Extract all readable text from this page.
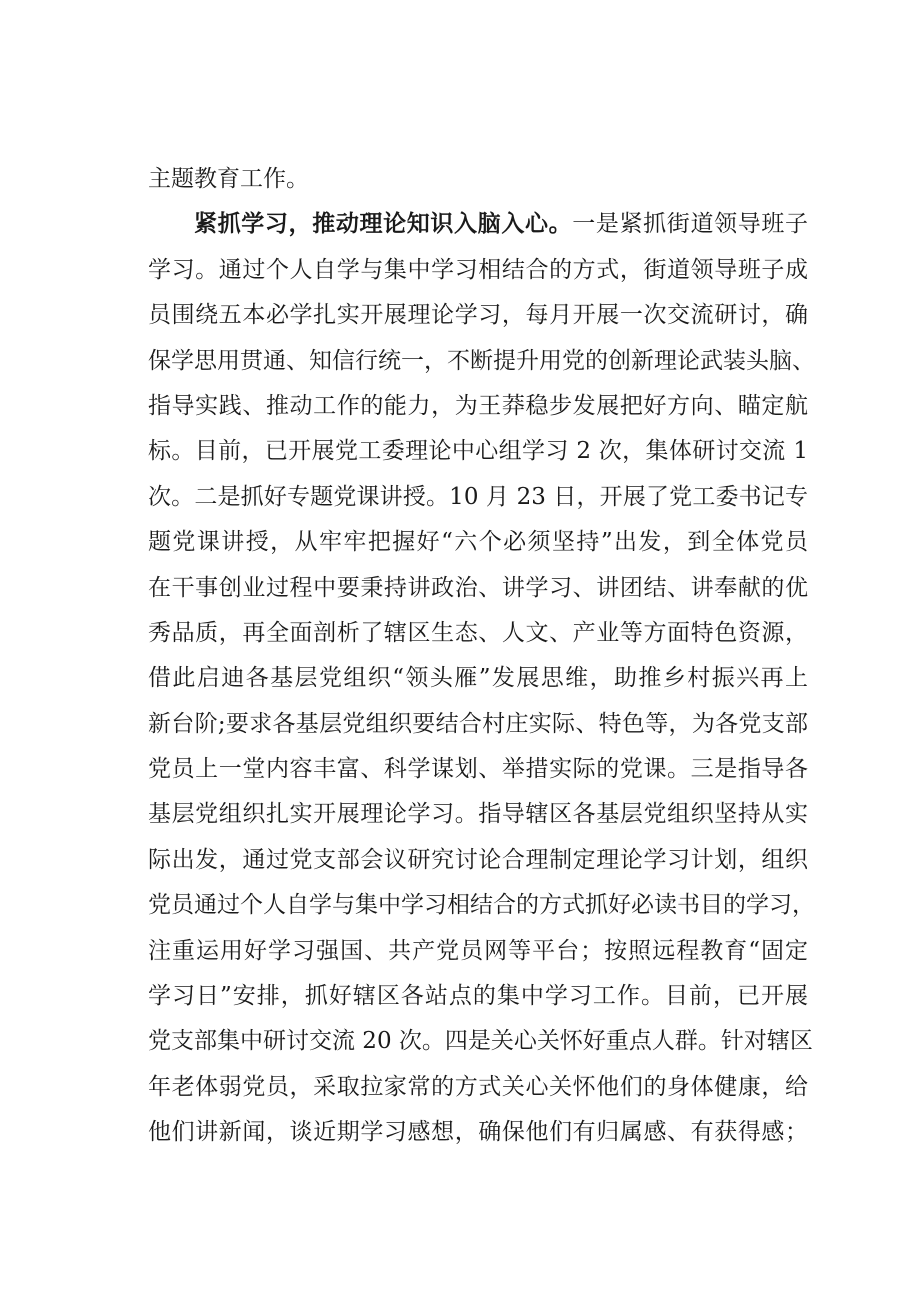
主题教育工作。
紧抓学习，推动理论知识入脑入心。一是紧抓街道领导班子
学习。通过个人自学与集中学习相结合的方式，街道领导班子成
员围绕五本必学扎实开展理论学习，每月开展一次交流研讨，确
保学思用贯通、知信行统一，不断提升用党的创新理论武装头脑、
指导实践、推动工作的能力，为王莽稳步发展把好方向、瞄定航
标。目前，已开展党工委理论中心组学习 2 次，集体研讨交流 1
次。二是抓好专题党课讲授。10 月 23 日，开展了党工委书记专
题党课讲授，从牢牢把握好“六个必须坚持”出发，到全体党员
在干事创业过程中要秉持讲政治、讲学习、讲团结、讲奉献的优
秀品质，再全面剖析了辖区生态、人文、产业等方面特色资源，
借此启迪各基层党组织“领头雁”发展思维，助推乡村振兴再上
新台阶;要求各基层党组织要结合村庄实际、特色等，为各党支部
党员上一堂内容丰富、科学谋划、举措实际的党课。三是指导各
基层党组织扎实开展理论学习。指导辖区各基层党组织坚持从实
际出发，通过党支部会议研究讨论合理制定理论学习计划，组织
党员通过个人自学与集中学习相结合的方式抓好必读书目的学习，
注重运用好学习强国、共产党员网等平台；按照远程教育“固定
学习日”安排，抓好辖区各站点的集中学习工作。目前，已开展
党支部集中研讨交流 20 次。四是关心关怀好重点人群。针对辖区
年老体弱党员，采取拉家常的方式关心关怀他们的身体健康，给
他们讲新闻，谈近期学习感想，确保他们有归属感、有获得感；
